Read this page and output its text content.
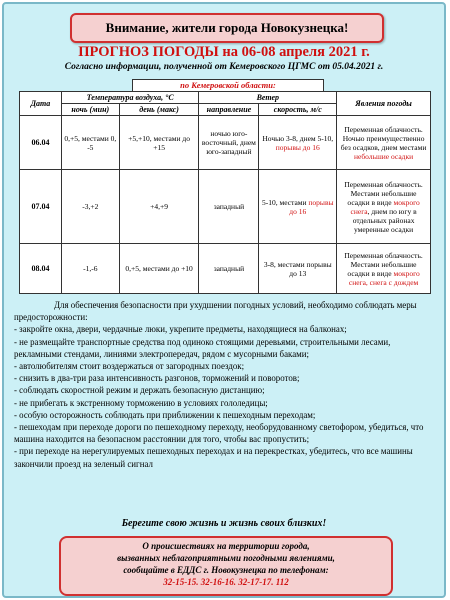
Внимание, жители города Новокузнецка!
ПРОГНОЗ ПОГОДЫ на 06-08 апреля 2021 г.
Согласно информации, полученной от Кемеровского ЦГМС от 05.04.2021 г.
по Кемеровской области:
Дата	Температура воздуха, °С		Ветер		Явления погоды
	ночь (мин)	день (макс)	направление	скорость, м/с	
06.04	0,+5, местами 0, -5	+5,+10, местами до +15	ночью юго-восточный, днем юго-западный	Ночью 3-8, днем 5-10, порывы до 16	Переменная облачность. Ночью преимущественно без осадков, днем местами небольшие осадки
07.04	-3,+2	+4,+9	западный	5-10, местами порывы до 16	Переменная облачность. Местами небольшие осадки в виде мокрого снега, днем по югу в отдельных районах умеренные осадки
08.04	-1,-6	0,+5, местами до +10	западный	3-8, местами порывы до 13	Переменная облачность. Местами небольшие осадки в виде мокрого снега, снега с дождем

Для обеспечения безопасности при ухудшении погодных условий, необходимо соблюдать меры предосторожности:

- закройте окна, двери, чердачные люки, укрепите предметы, находящиеся на балконах;

- не размещайте транспортные средства под одиноко стоящими деревьями, строительными лесами, рекламными стендами, линиями электропередач, рядом с мусорными баками;

- автолюбителям стоит воздержаться от загородных поездок;

- снизить в два-три раза интенсивность разгонов, торможений и поворотов;

- соблюдать скоростной режим и держать безопасную дистанцию;

- не прибегать к экстренному торможению в условиях гололедицы;

- особую осторожность соблюдать при приближении к пешеходным переходам;

- пешеходам при переходе дороги по пешеходному переходу, необорудованному светофором, убедиться, что машина находится на безопасном расстоянии для того, чтобы вас пропустить;

- при переходе на нерегулируемых пешеходных переходах и на перекрестках, убедитесь, что все машины закончили проезд на зеленый сигнал

Берегите свою жизнь и жизнь своих близких!
О происшествиях на территории города,
вызванных неблагоприятными погодными явлениями,
сообщайте в ЕДДС г. Новокузнецка по телефонам:
32-15-15. 32-16-16. 32-17-17. 112
